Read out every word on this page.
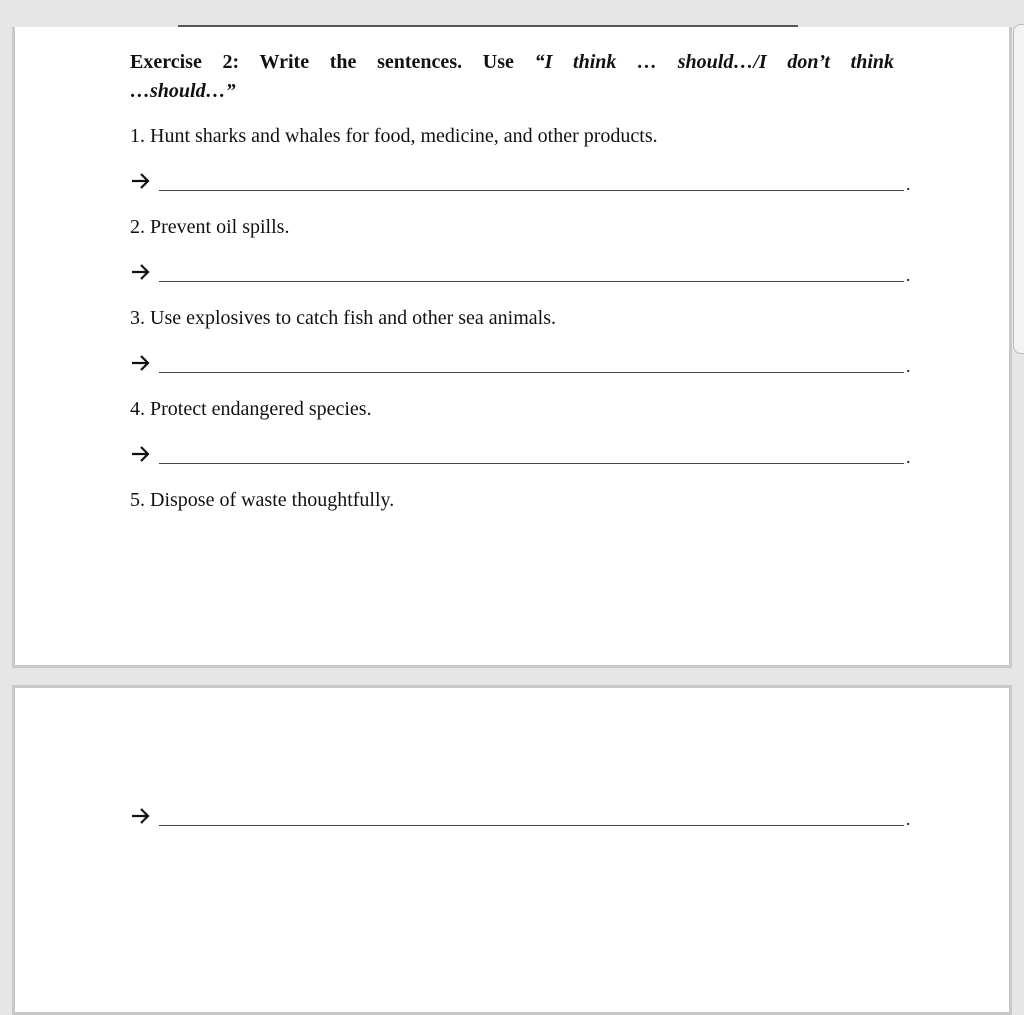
Exercise 2: Write the sentences. Use “I think … should…/I don’t think
…should…”
1. Hunt sharks and whales for food, medicine, and other products.
.
2. Prevent oil spills.
.
3. Use explosives to catch fish and other sea animals.
.
4. Protect endangered species.
.
5. Dispose of waste thoughtfully.
.
